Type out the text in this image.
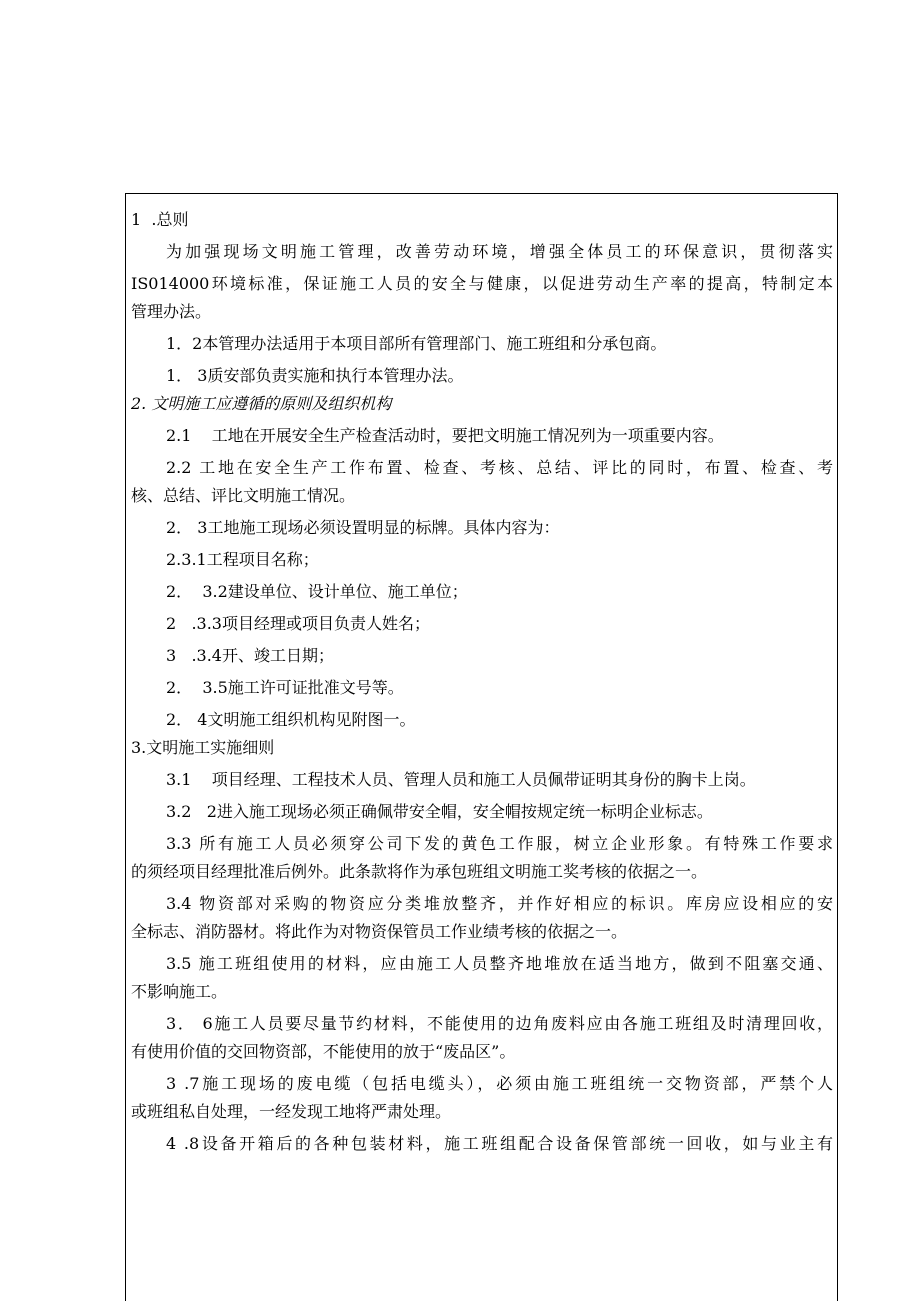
1  .总则
为加强现场文明施工管理，改善劳动环境，增强全体员工的环保意识，贯彻落实
IS014000环境标准，保证施工人员的安全与健康，以促进劳动生产率的提高，特制定本
管理办法。
1．2本管理办法适用于本项目部所有管理部门、施工班组和分承包商。
1． 3质安部负责实施和执行本管理办法。
2. 文明施工应遵循的原则及组织机构
2.1    工地在开展安全生产检查活动时，要把文明施工情况列为一项重要内容。
2.2 工地在安全生产工作布置、检查、考核、总结、评比的同时，布置、检查、考
核、总结、评比文明施工情况。
2． 3工地施工现场必须设置明显的标牌。具体内容为：
2.3.1工程项目名称；
2．  3.2建设单位、设计单位、施工单位；
2   .3.3项目经理或项目负责人姓名；
3   .3.4开、竣工日期；
2．  3.5施工许可证批准文号等。
2． 4文明施工组织机构见附图一。
3.文明施工实施细则
3.1    项目经理、工程技术人员、管理人员和施工人员佩带证明其身份的胸卡上岗。
3.2   2进入施工现场必须正确佩带安全帽，安全帽按规定统一标明企业标志。
3.3 所有施工人员必须穿公司下发的黄色工作服，树立企业形象。有特殊工作要求
的须经项目经理批准后例外。此条款将作为承包班组文明施工奖考核的依据之一。
3.4 物资部对采购的物资应分类堆放整齐，并作好相应的标识。库房应设相应的安
全标志、消防器材。将此作为对物资保管员工作业绩考核的依据之一。
3.5 施工班组使用的材料，应由施工人员整齐地堆放在适当地方，做到不阻塞交通、
不影响施工。
3． 6施工人员要尽量节约材料，不能使用的边角废料应由各施工班组及时清理回收，
有使用价值的交回物资部，不能使用的放于“废品区”。
3 .7施工现场的废电缆（包括电缆头），必须由施工班组统一交物资部，严禁个人
或班组私自处理，一经发现工地将严肃处理。
4 .8设备开箱后的各种包装材料，施工班组配合设备保管部统一回收，如与业主有
